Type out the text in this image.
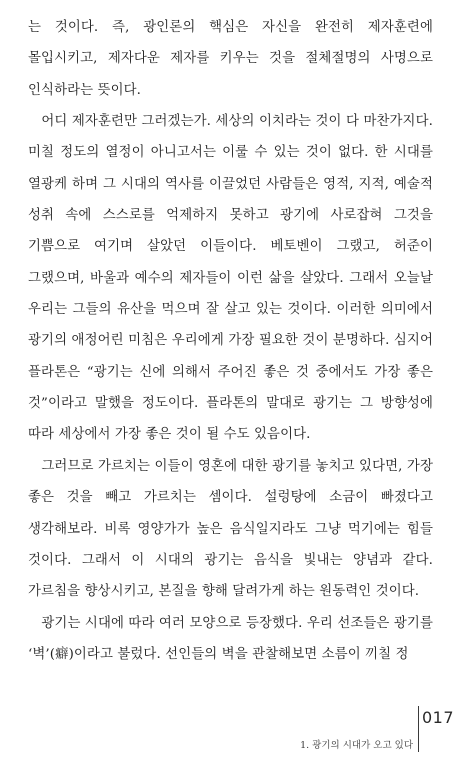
는 것이다. 즉, 광인론의 핵심은 자신을 완전히 제자훈련에 몰입시키고, 제자다운 제자를 키우는 것을 절체절명의 사명으로 인식하라는 뜻이다.

어디 제자훈련만 그러겠는가. 세상의 이치라는 것이 다 마찬가지다. 미칠 정도의 열정이 아니고서는 이룰 수 있는 것이 없다. 한 시대를 열광케 하며 그 시대의 역사를 이끌었던 사람들은 영적, 지적, 예술적 성취 속에 스스로를 억제하지 못하고 광기에 사로잡혀 그것을 기쁨으로 여기며 살았던 이들이다. 베토벤이 그랬고, 허준이 그랬으며, 바울과 예수의 제자들이 이런 삶을 살았다. 그래서 오늘날 우리는 그들의 유산을 먹으며 잘 살고 있는 것이다. 이러한 의미에서 광기의 애정어린 미침은 우리에게 가장 필요한 것이 분명하다. 심지어 플라톤은 “광기는 신에 의해서 주어진 좋은 것 중에서도 가장 좋은 것”이라고 말했을 정도이다. 플라톤의 말대로 광기는 그 방향성에 따라 세상에서 가장 좋은 것이 될 수도 있음이다.

그러므로 가르치는 이들이 영혼에 대한 광기를 놓치고 있다면, 가장 좋은 것을 빼고 가르치는 셈이다. 설렁탕에 소금이 빠졌다고 생각해보라. 비록 영양가가 높은 음식일지라도 그냥 먹기에는 힘들 것이다. 그래서 이 시대의 광기는 음식을 빛내는 양념과 같다. 가르침을 향상시키고, 본질을 향해 달려가게 하는 원동력인 것이다.

광기는 시대에 따라 여러 모양으로 등장했다. 우리 선조들은 광기를 ‘벽’(癖)이라고 불렀다. 선인들의 벽을 관찰해보면 소름이 끼칠 정

017
1. 광기의 시대가 오고 있다
